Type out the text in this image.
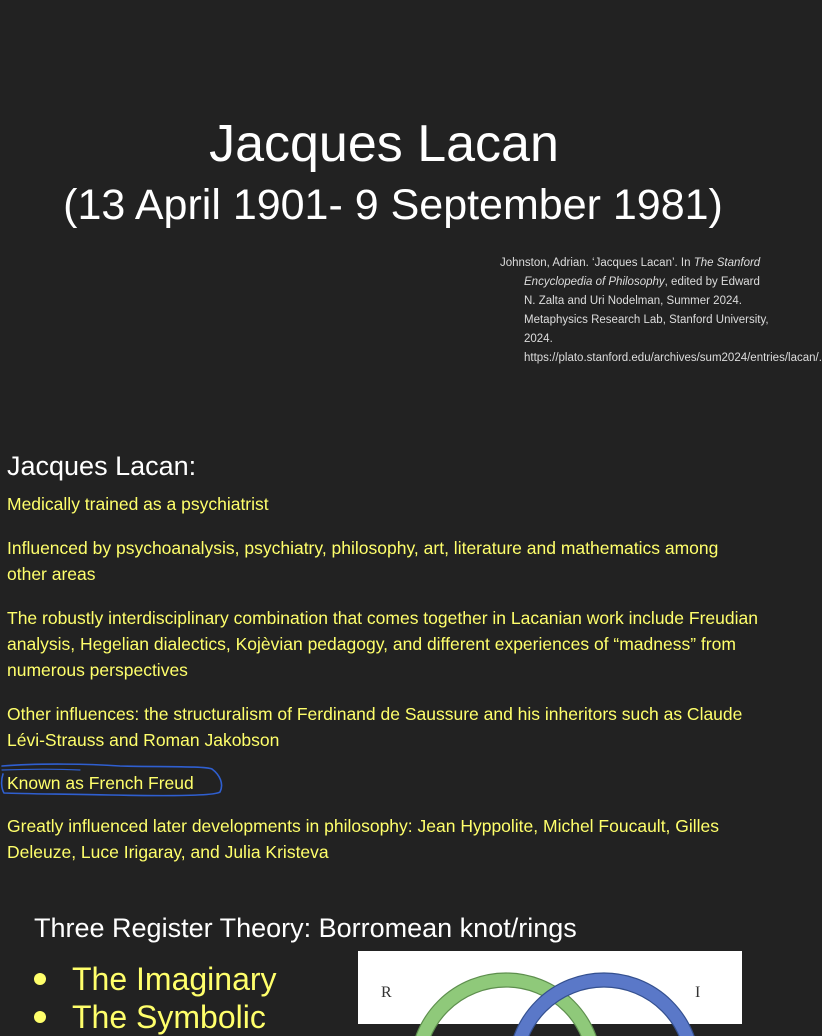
Jacques Lacan
(13 April 1901- 9 September 1981)
Johnston, Adrian. ‘Jacques Lacan’. In The Stanford Encyclopedia of Philosophy, edited by Edward N. Zalta and Uri Nodelman, Summer 2024. Metaphysics Research Lab, Stanford University, 2024. https://plato.stanford.edu/archives/sum2024/entries/lacan/.
Jacques Lacan:
Medically trained as a psychiatrist
Influenced by psychoanalysis, psychiatry, philosophy, art, literature and mathematics among other areas
The robustly interdisciplinary combination that comes together in Lacanian work include Freudian analysis, Hegelian dialectics, Kojèvian pedagogy, and different experiences of “madness” from numerous perspectives
Other influences: the structuralism of Ferdinand de Saussure and his inheritors such as Claude Lévi-Strauss and Roman Jakobson
Known as French Freud
Greatly influenced later developments in philosophy: Jean Hyppolite, Michel Foucault, Gilles Deleuze, Luce Irigaray, and Julia Kristeva
Three Register Theory: Borromean knot/rings
The Imaginary
The Symbolic
R	I
